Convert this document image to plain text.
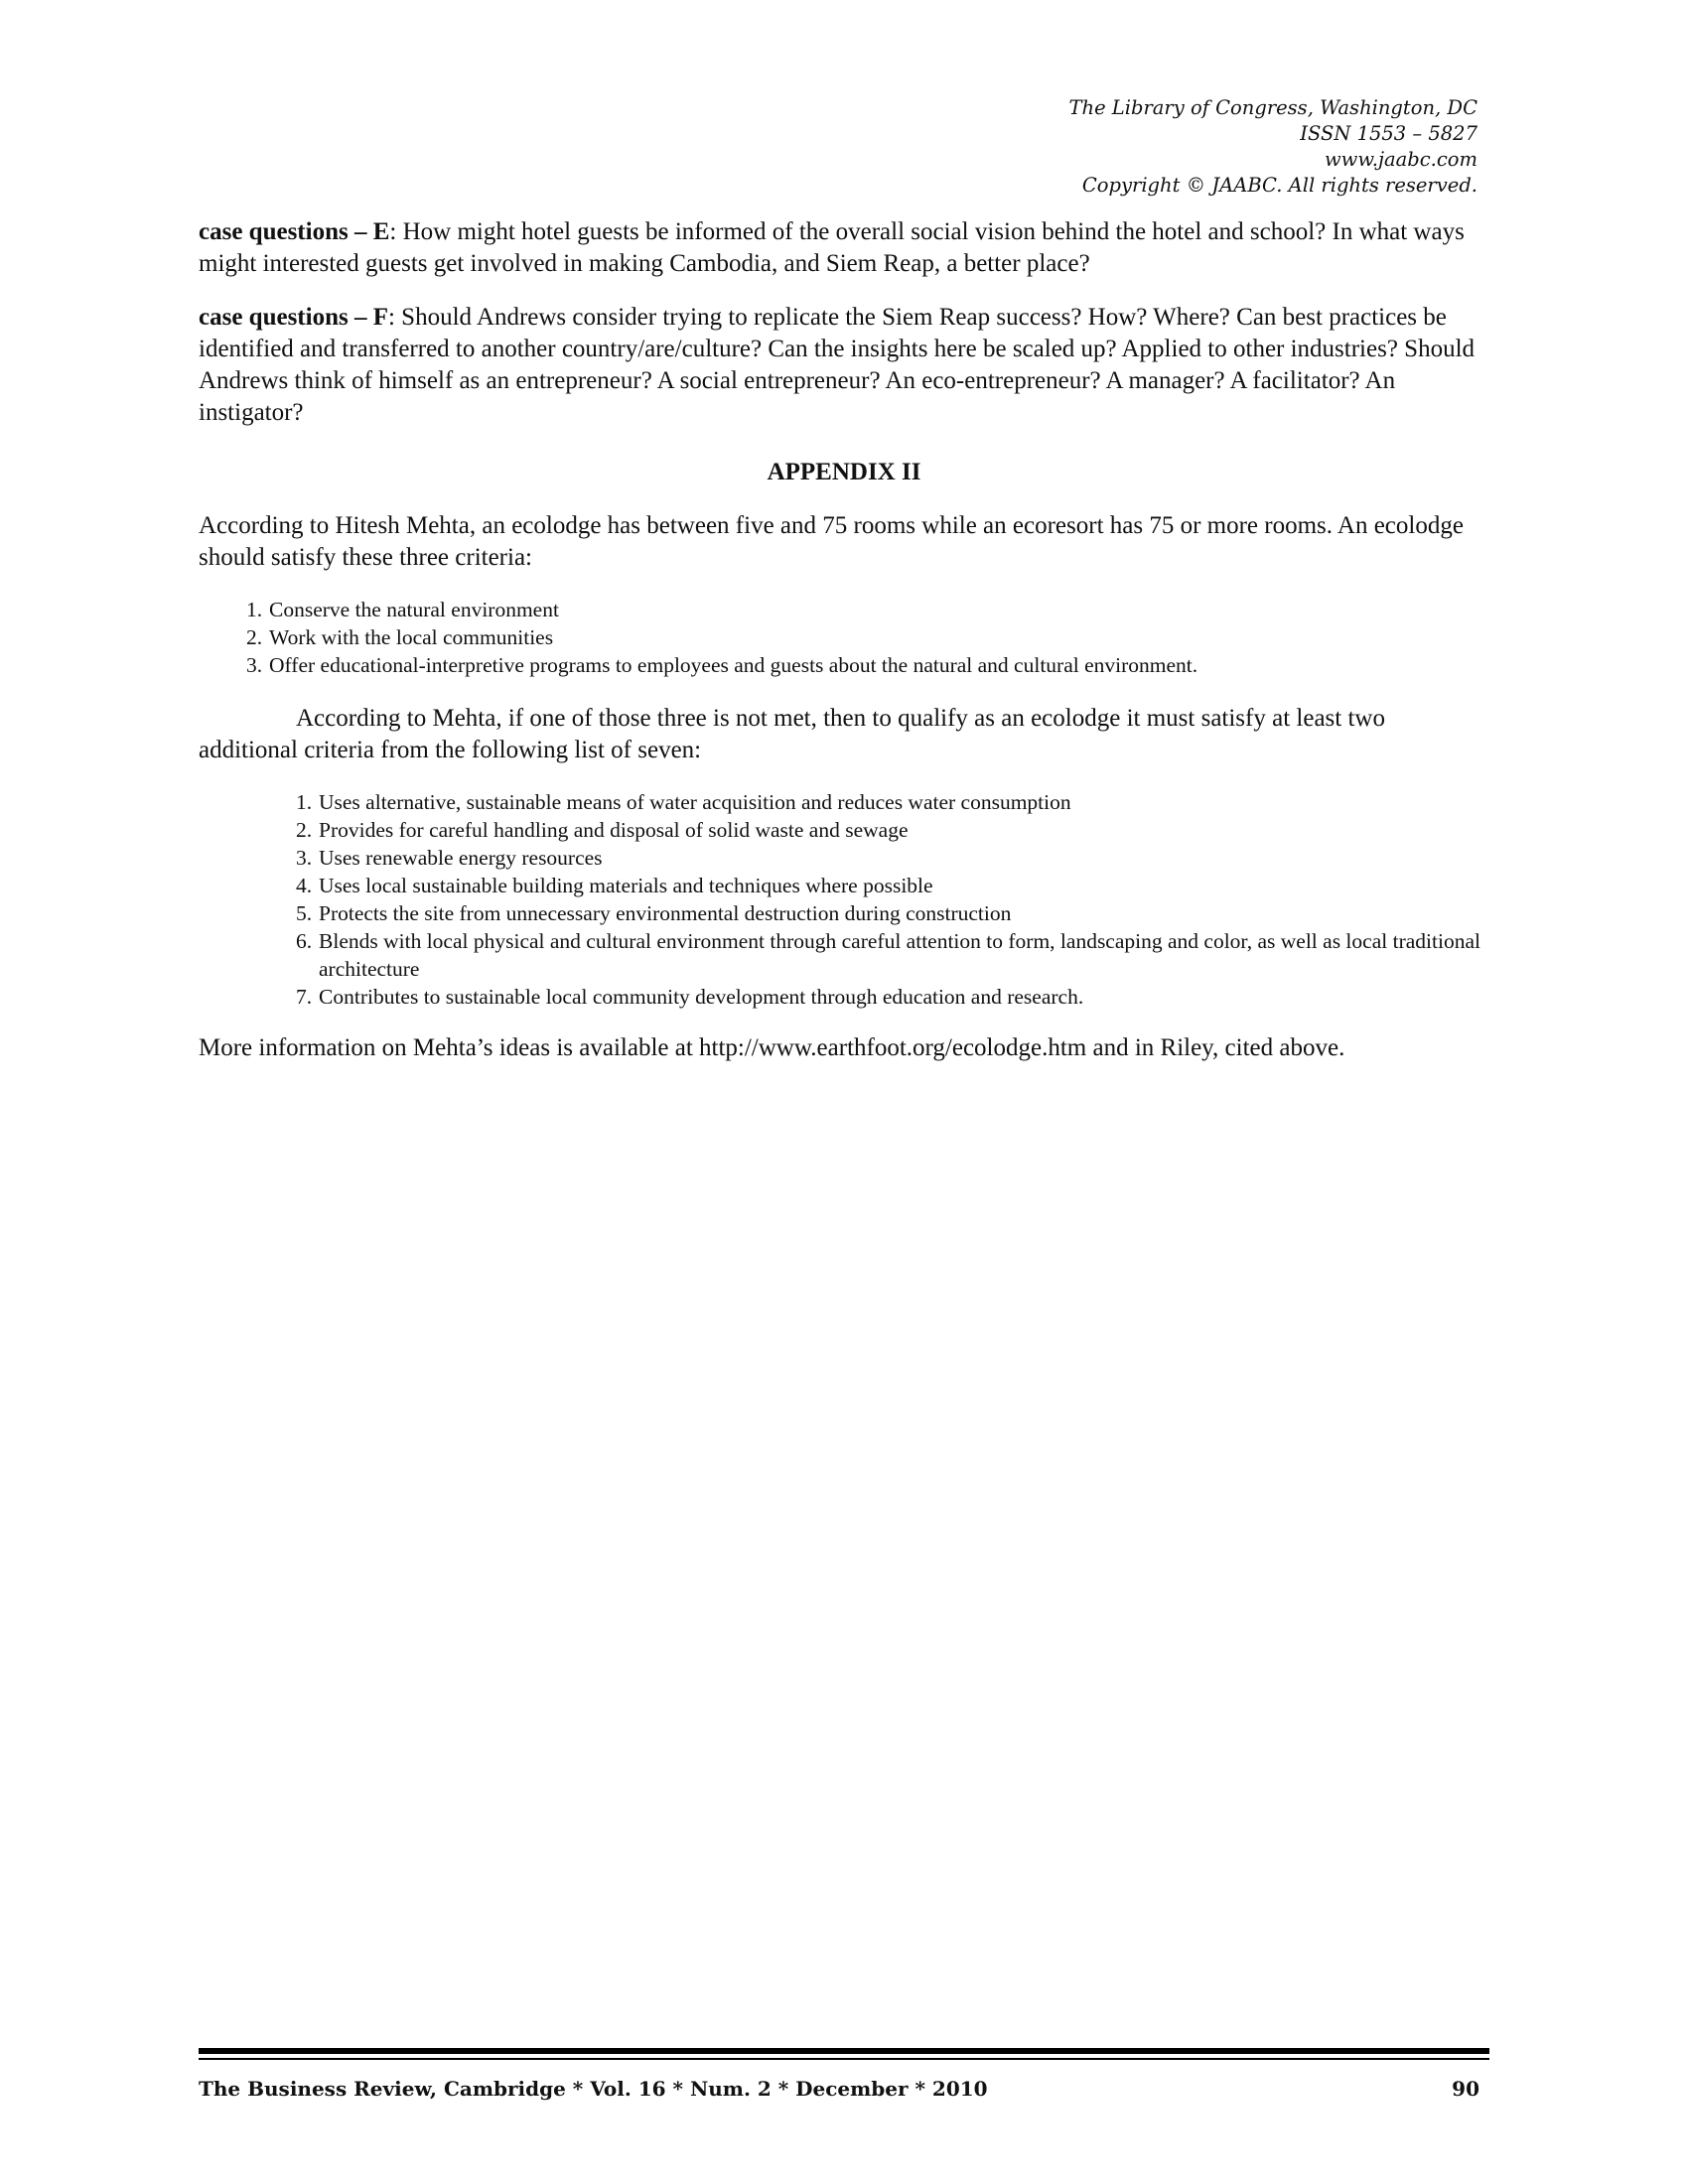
The Library of Congress, Washington, DC
ISSN 1553 – 5827
www.jaabc.com
Copyright © JAABC. All rights reserved.

case questions – E: How might hotel guests be informed of the overall social vision behind the hotel and school? In what ways might interested guests get involved in making Cambodia, and Siem Reap, a better place?

case questions – F: Should Andrews consider trying to replicate the Siem Reap success? How? Where? Can best practices be identified and transferred to another country/are/culture? Can the insights here be scaled up? Applied to other industries? Should Andrews think of himself as an entrepreneur? A social entrepreneur? An eco-entrepreneur? A manager? A facilitator? An instigator?

APPENDIX II

According to Hitesh Mehta, an ecolodge has between five and 75 rooms while an ecoresort has 75 or more rooms. An ecolodge should satisfy these three criteria:

1. Conserve the natural environment
2. Work with the local communities
3. Offer educational-interpretive programs to employees and guests about the natural and cultural environment.

According to Mehta, if one of those three is not met, then to qualify as an ecolodge it must satisfy at least two additional criteria from the following list of seven:

1. Uses alternative, sustainable means of water acquisition and reduces water consumption
2. Provides for careful handling and disposal of solid waste and sewage
3. Uses renewable energy resources
4. Uses local sustainable building materials and techniques where possible
5. Protects the site from unnecessary environmental destruction during construction
6. Blends with local physical and cultural environment through careful attention to form, landscaping and color, as well as local traditional architecture
7. Contributes to sustainable local community development through education and research.

More information on Mehta’s ideas is available at http://www.earthfoot.org/ecolodge.htm and in Riley, cited above.

The Business Review, Cambridge * Vol. 16 * Num. 2 * December * 2010	90
